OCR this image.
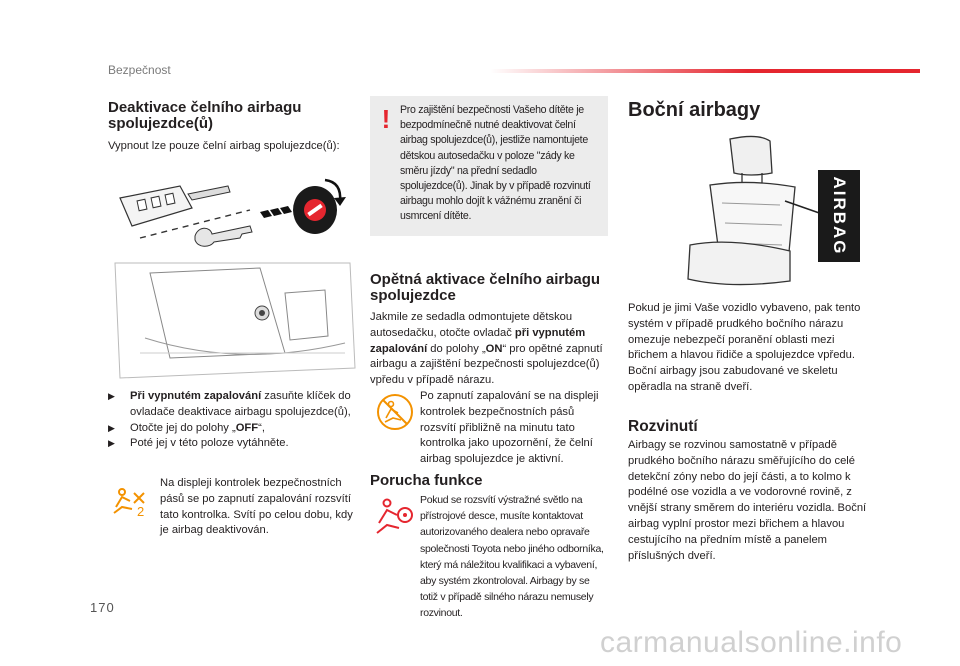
Bezpečnost
Deaktivace čelního airbagu spolujezdce(ů)
Vypnout lze pouze čelní airbag spolujezdce(ů):
▶ Při vypnutém zapalování zasuňte klíček do ovladače deaktivace airbagu spolujezdce(ů),
▶ Otočte jej do polohy „OFF“,
▶ Poté jej v této poloze vytáhněte.
2
Na displeji kontrolek bezpečnostních pásů se po zapnutí zapalování rozsvítí tato kontrolka. Svítí po celou dobu, kdy je airbag deaktivován.
! Pro zajištění bezpečnosti Vašeho dítěte je bezpodmínečně nutné deaktivovat čelní airbag spolujezdce(ů), jestliže namontujete dětskou autosedačku v poloze "zády ke směru jízdy" na přední sedadlo spolujezdce(ů). Jinak by v případě rozvinutí airbagu mohlo dojít k vážnému zranění či usmrcení dítěte.
Opětná aktivace čelního airbagu spolujezdce
Jakmile ze sedadla odmontujete dětskou autosedačku, otočte ovladač při vypnutém zapalování do polohy „ON“ pro opětné zapnutí airbagu a zajištění bezpečnosti spolujezdce(ů) vpředu v případě nárazu.
Po zapnutí zapalování se na displeji kontrolek bezpečnostních pásů rozsvítí přibližně na minutu tato kontrolka jako upozornění, že čelní airbag spolujezdce je aktivní.
Porucha funkce
Pokud se rozsvítí výstražné světlo na přístrojové desce, musíte kontaktovat autorizovaného dealera nebo opravaře společnosti Toyota nebo jiného odborníka, který má náležitou kvalifikaci a vybavení, aby systém zkontroloval. Airbagy by se totiž v případě silného nárazu nemusely rozvinout.
Boční airbagy
AIRBAG
Pokud je jimi Vaše vozidlo vybaveno, pak tento systém v případě prudkého bočního nárazu omezuje nebezpečí poranění oblasti mezi břichem a hlavou řidiče a spolujezdce vpředu. Boční airbagy jsou zabudované ve skeletu opěradla na straně dveří.
Rozvinutí
Airbagy se rozvinou samostatně v případě prudkého bočního nárazu směřujícího do celé detekční zóny nebo do její části, a to kolmo k podélné ose vozidla a ve vodorovné rovině, z vnější strany směrem do interiéru vozidla. Boční airbag vyplní prostor mezi břichem a hlavou cestujícího na předním místě a panelem příslušných dveří.
170
carmanualsonline.info
